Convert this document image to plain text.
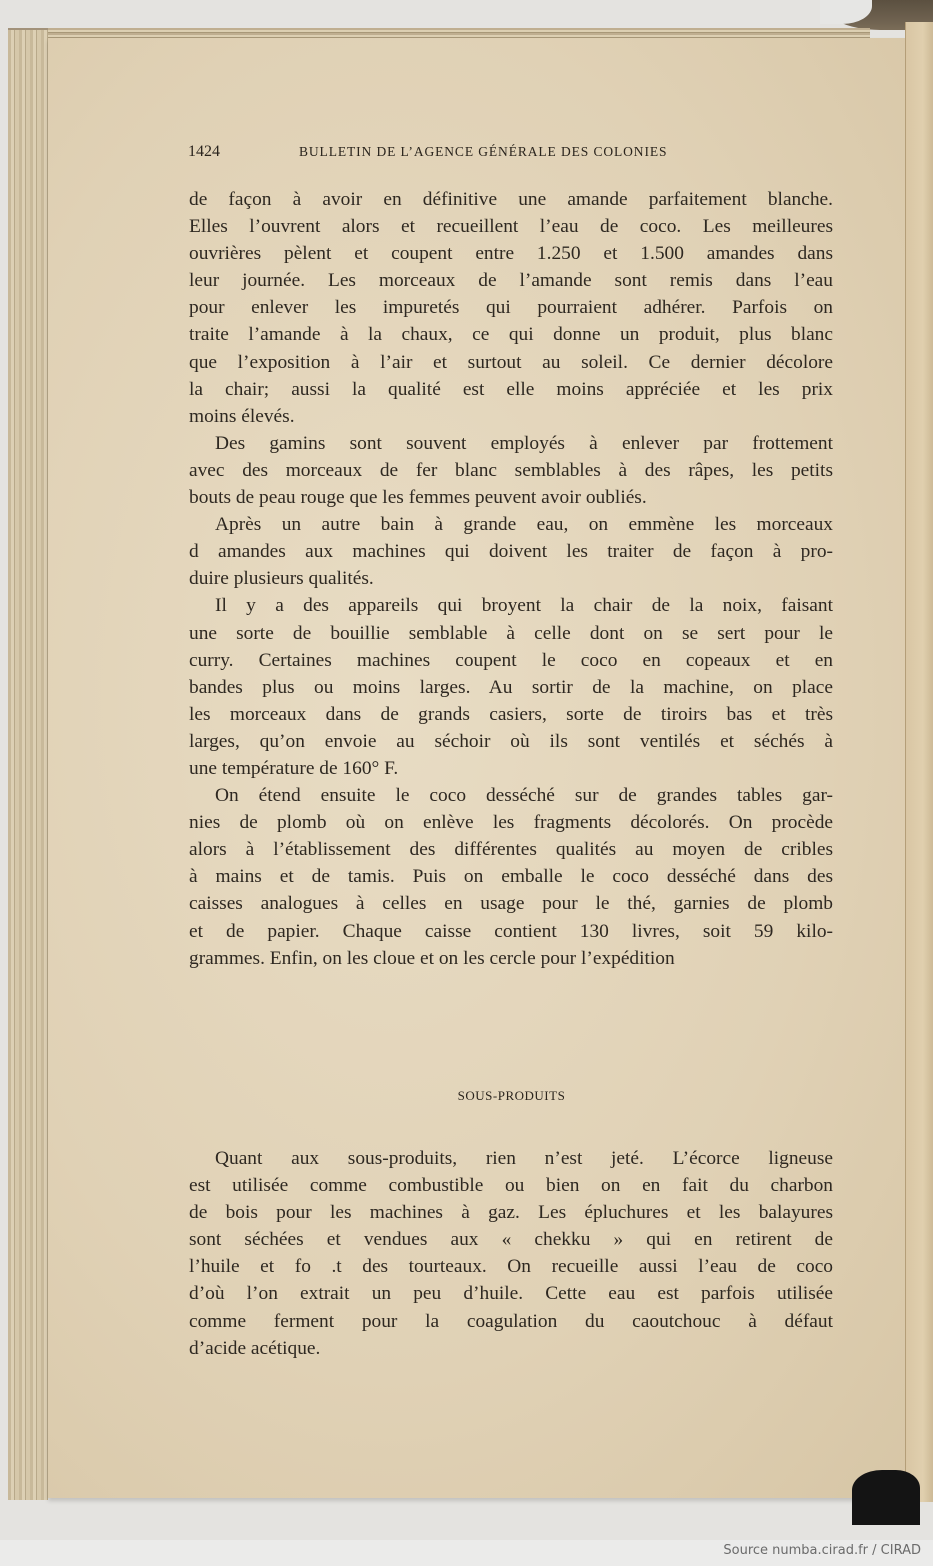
1424	BULLETIN DE L’AGENCE GÉNÉRALE DES COLONIES

de façon à avoir en définitive une amande parfaitement blanche.
Elles l’ouvrent alors et recueillent l’eau de coco. Les meilleures
ouvrières pèlent et coupent entre 1.250 et 1.500 amandes dans
leur journée. Les morceaux de l’amande sont remis dans l’eau
pour enlever les impuretés qui pourraient adhérer. Parfois on
traite l’amande à la chaux, ce qui donne un produit, plus blanc
que l’exposition à l’air et surtout au soleil. Ce dernier décolore
la chair; aussi la qualité est elle moins appréciée et les prix
moins élevés.

Des gamins sont souvent employés à enlever par frottement
avec des morceaux de fer blanc semblables à des râpes, les petits
bouts de peau rouge que les femmes peuvent avoir oubliés.

Après un autre bain à grande eau, on emmène les morceaux
d amandes aux machines qui doivent les traiter de façon à pro-
duire plusieurs qualités.

Il y a des appareils qui broyent la chair de la noix, faisant
une sorte de bouillie semblable à celle dont on se sert pour le
curry. Certaines machines coupent le coco en copeaux et en
bandes plus ou moins larges. Au sortir de la machine, on place
les morceaux dans de grands casiers, sorte de tiroirs bas et très
larges, qu’on envoie au séchoir où ils sont ventilés et séchés à
une température de 160° F.

On étend ensuite le coco desséché sur de grandes tables gar-
nies de plomb où on enlève les fragments décolorés. On procède
alors à l’établissement des différentes qualités au moyen de cribles
à mains et de tamis. Puis on emballe le coco desséché dans des
caisses analogues à celles en usage pour le thé, garnies de plomb
et de papier. Chaque caisse contient 130 livres, soit 59 kilo-
grammes. Enfin, on les cloue et on les cercle pour l’expédition

SOUS-PRODUITS

Quant aux sous-produits, rien n’est jeté. L’écorce ligneuse
est utilisée comme combustible ou bien on en fait du charbon
de bois pour les machines à gaz. Les épluchures et les balayures
sont séchées et vendues aux « chekku » qui en retirent de
l’huile et fo .t des tourteaux. On recueille aussi l’eau de coco
d’où l’on extrait un peu d’huile. Cette eau est parfois utilisée
comme ferment pour la coagulation du caoutchouc à défaut
d’acide acétique.

Source numba.cirad.fr / CIRAD
